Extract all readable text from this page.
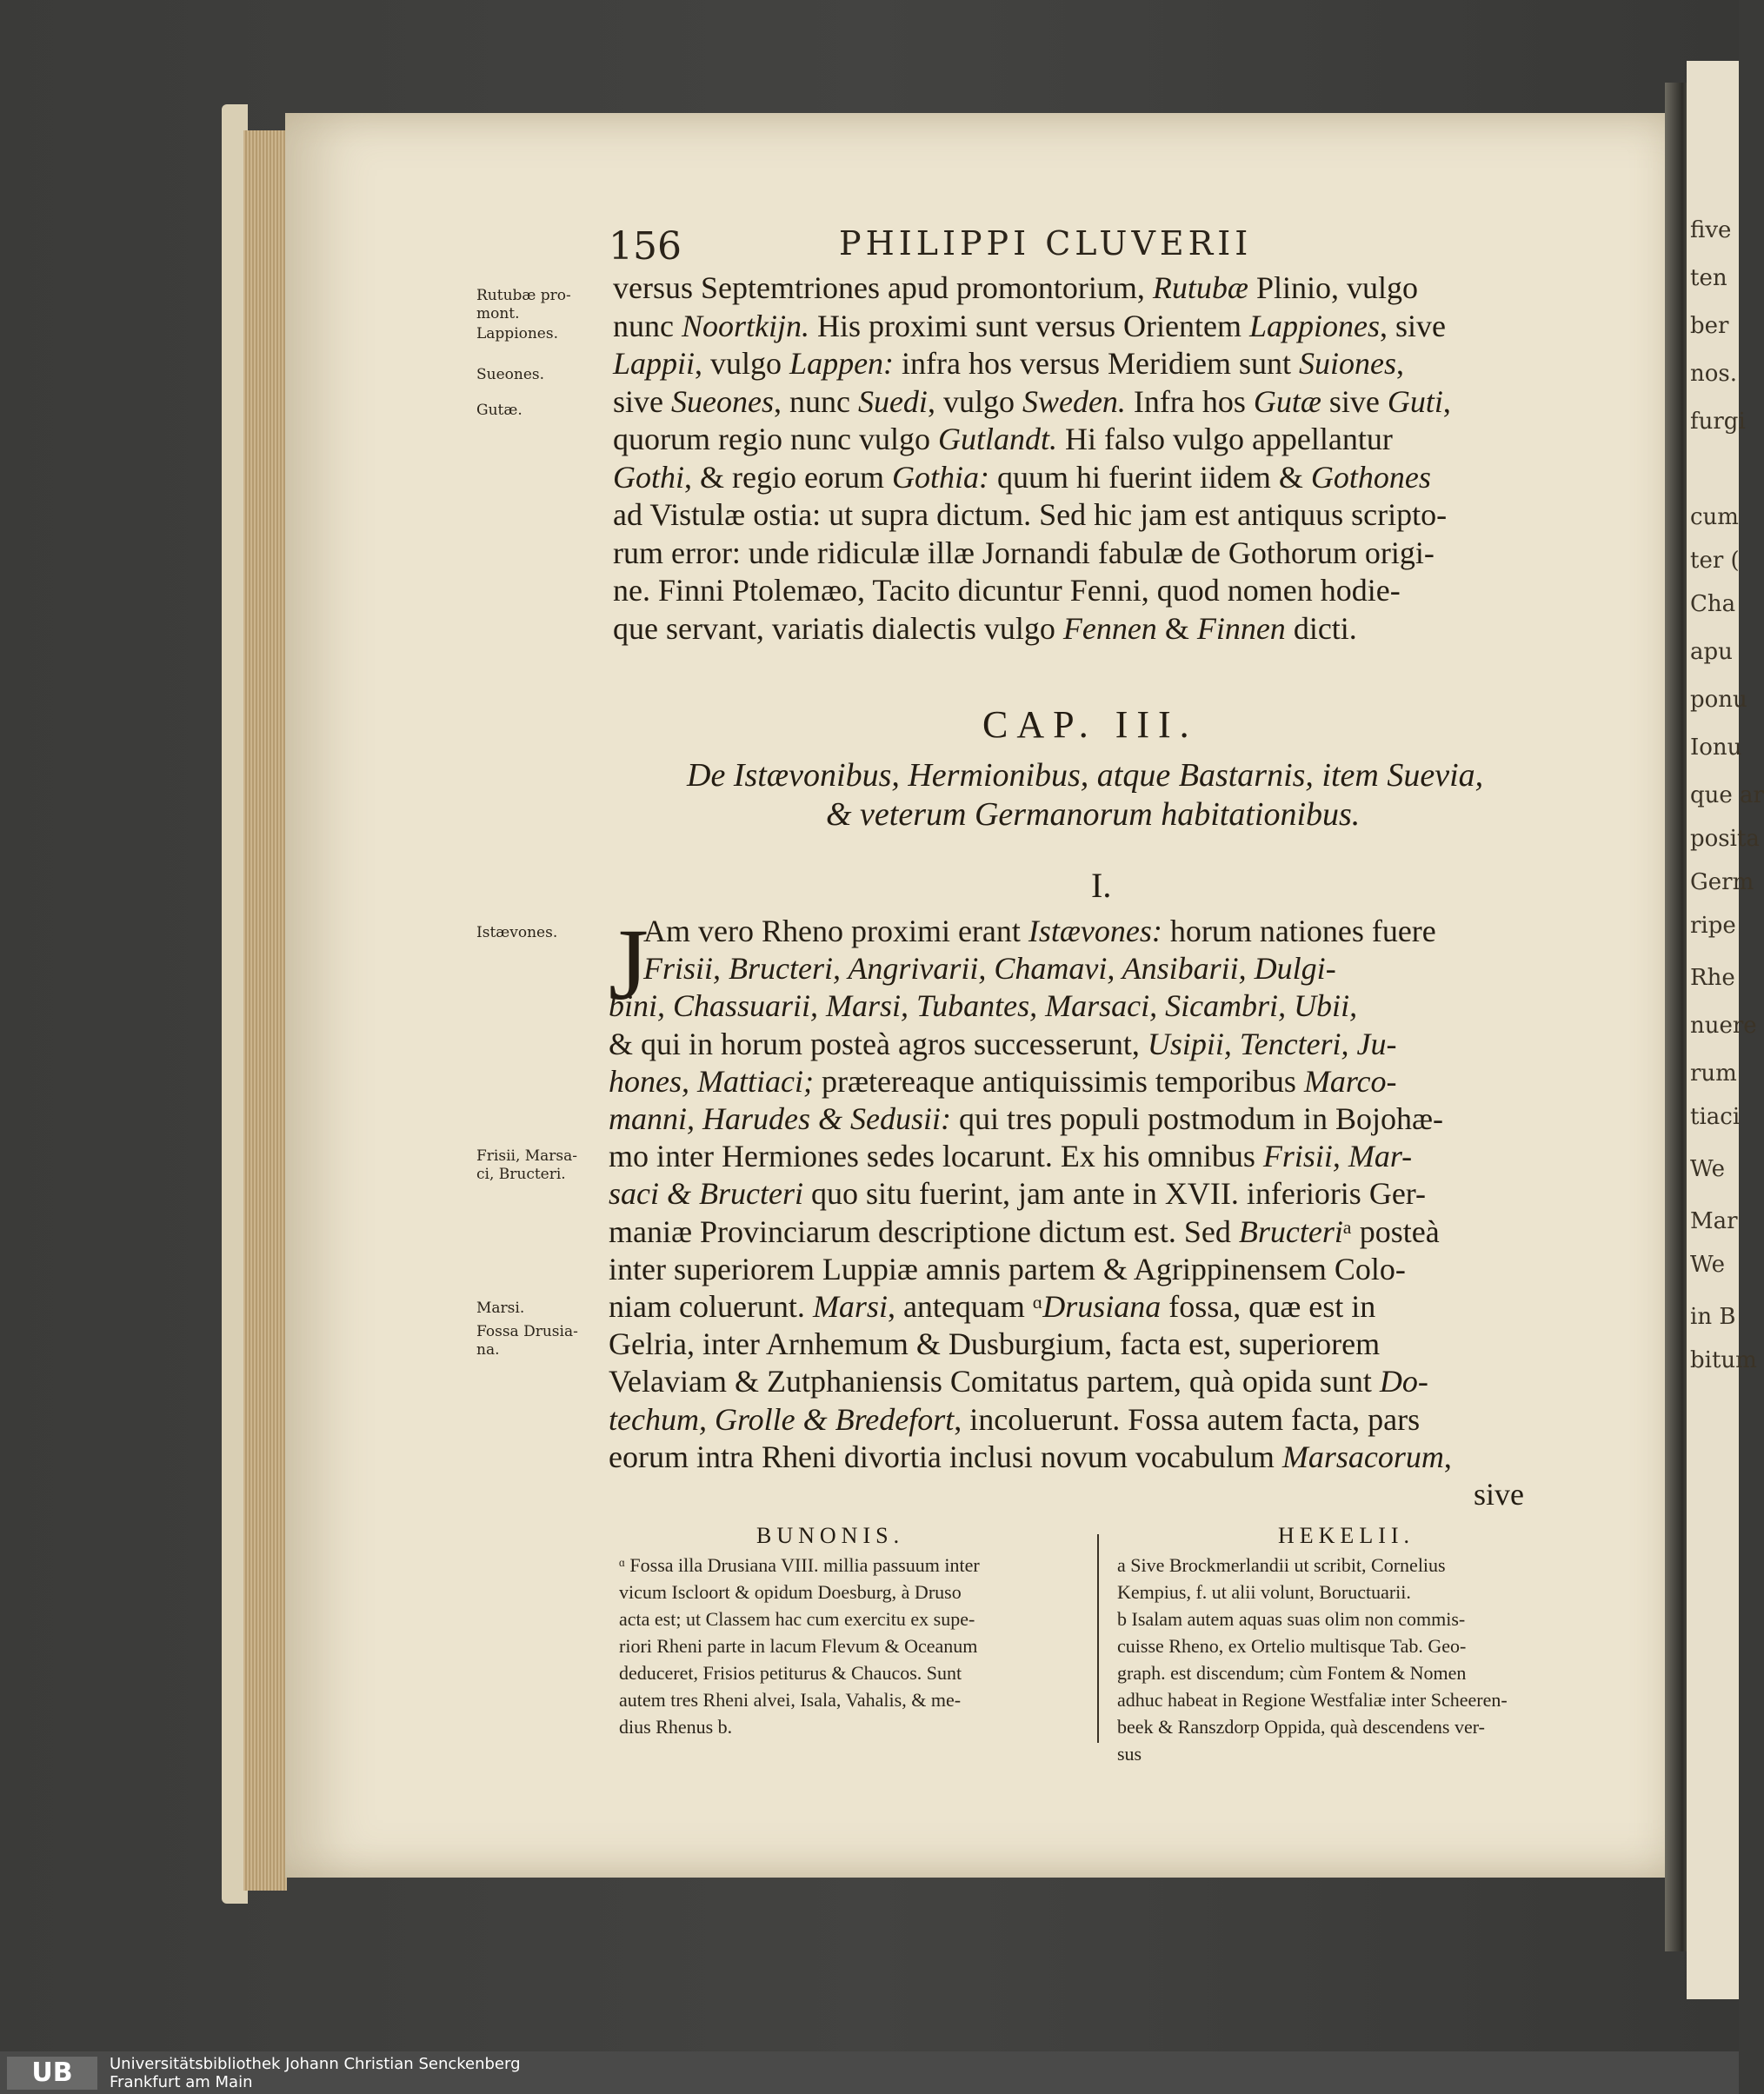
five
ten
ber
nos.
furgi
cum
ter (
Cha
apu
ponu
Ionu
que ar
posita
Germ
ripe
Rhe
nuere
rum
tiaci
We
Mar
We
in B
bitum
156	PHILIPPI CLUVERII
Rutubæ pro- mont.
Lappiones.
Sueones.
Gutæ.
Istævones.
Frisii, Marsa-
ci, Bructeri.
Marsi.
Fossa Drusia-
na.
versus Septemtriones apud promontorium, Rutubæ Plinio, vulgo
nunc Noortkijn. His proximi sunt versus Orientem Lappiones, sive
Lappii, vulgo Lappen: infra hos versus Meridiem sunt Suiones,
sive Sueones, nunc Suedi, vulgo Sweden. Infra hos Gutæ sive Guti,
quorum regio nunc vulgo Gutlandt. Hi falso vulgo appellantur
Gothi, & regio eorum Gothia: quum hi fuerint iidem & Gothones
ad Vistulæ ostia: ut supra dictum. Sed hic jam est antiquus scripto-
rum error: unde ridiculæ illæ Jornandi fabulæ de Gothorum origi-
ne. Finni Ptolemæo, Tacito dicuntur Fenni, quod nomen hodie-
que servant, variatis dialectis vulgo Fennen & Finnen dicti.
CAP. III.
De Istævonibus, Hermionibus, atque Bastarnis, item Suevia,
& veterum Germanorum habitationibus.
I.
J
Am vero Rheno proximi erant Istævones: horum nationes fuere
Frisii, Bructeri, Angrivarii, Chamavi, Ansibarii, Dulgi-
bini, Chassuarii, Marsi, Tubantes, Marsaci, Sicambri, Ubii,
& qui in horum posteà agros successerunt, Usipii, Tencteri, Ju-
hones, Mattiaci; prætereaque antiquissimis temporibus Marco-
manni, Harudes & Sedusii: qui tres populi postmodum in Bojohæ-
mo inter Hermiones sedes locarunt. Ex his omnibus Frisii, Mar-
saci & Bructeri quo situ fuerint, jam ante in XVII. inferioris Ger-
maniæ Provinciarum descriptione dictum est. Sed Bructeriᵃ posteà
inter superiorem Luppiæ amnis partem & Agrippinensem Colo-
niam coluerunt. Marsi, antequam ᵅDrusiana fossa, quæ est in
Gelria, inter Arnhemum & Dusburgium, facta est, superiorem
Velaviam & Zutphaniensis Comitatus partem, quà opida sunt Do-
techum, Grolle & Bredefort, incoluerunt. Fossa autem facta, pars
eorum intra Rheni divortia inclusi novum vocabulum Marsacorum,
sive
BUNONIS.	HEKELII.
ᵅ Fossa illa Drusiana VIII. millia passuum inter
vicum Iscloort & opidum Doesburg, à Druso
acta est; ut Classem hac cum exercitu ex supe-
riori Rheni parte in lacum Flevum & Oceanum
deduceret, Frisios petiturus & Chaucos. Sunt
autem tres Rheni alvei, Isala, Vahalis, & me-
dius Rhenus b.
a Sive Brockmerlandii ut scribit, Cornelius
Kempius, f. ut alii volunt, Boructuarii.
b Isalam autem aquas suas olim non commis-
cuisse Rheno, ex Ortelio multisque Tab. Geo-
graph. est discendum; cùm Fontem & Nomen
adhuc habeat in Regione Westfaliæ inter Scheeren-
beek & Ranszdorp Oppida, quà descendens ver-
sus
UB	Universitätsbibliothek Johann Christian Senckenberg
Frankfurt am Main
